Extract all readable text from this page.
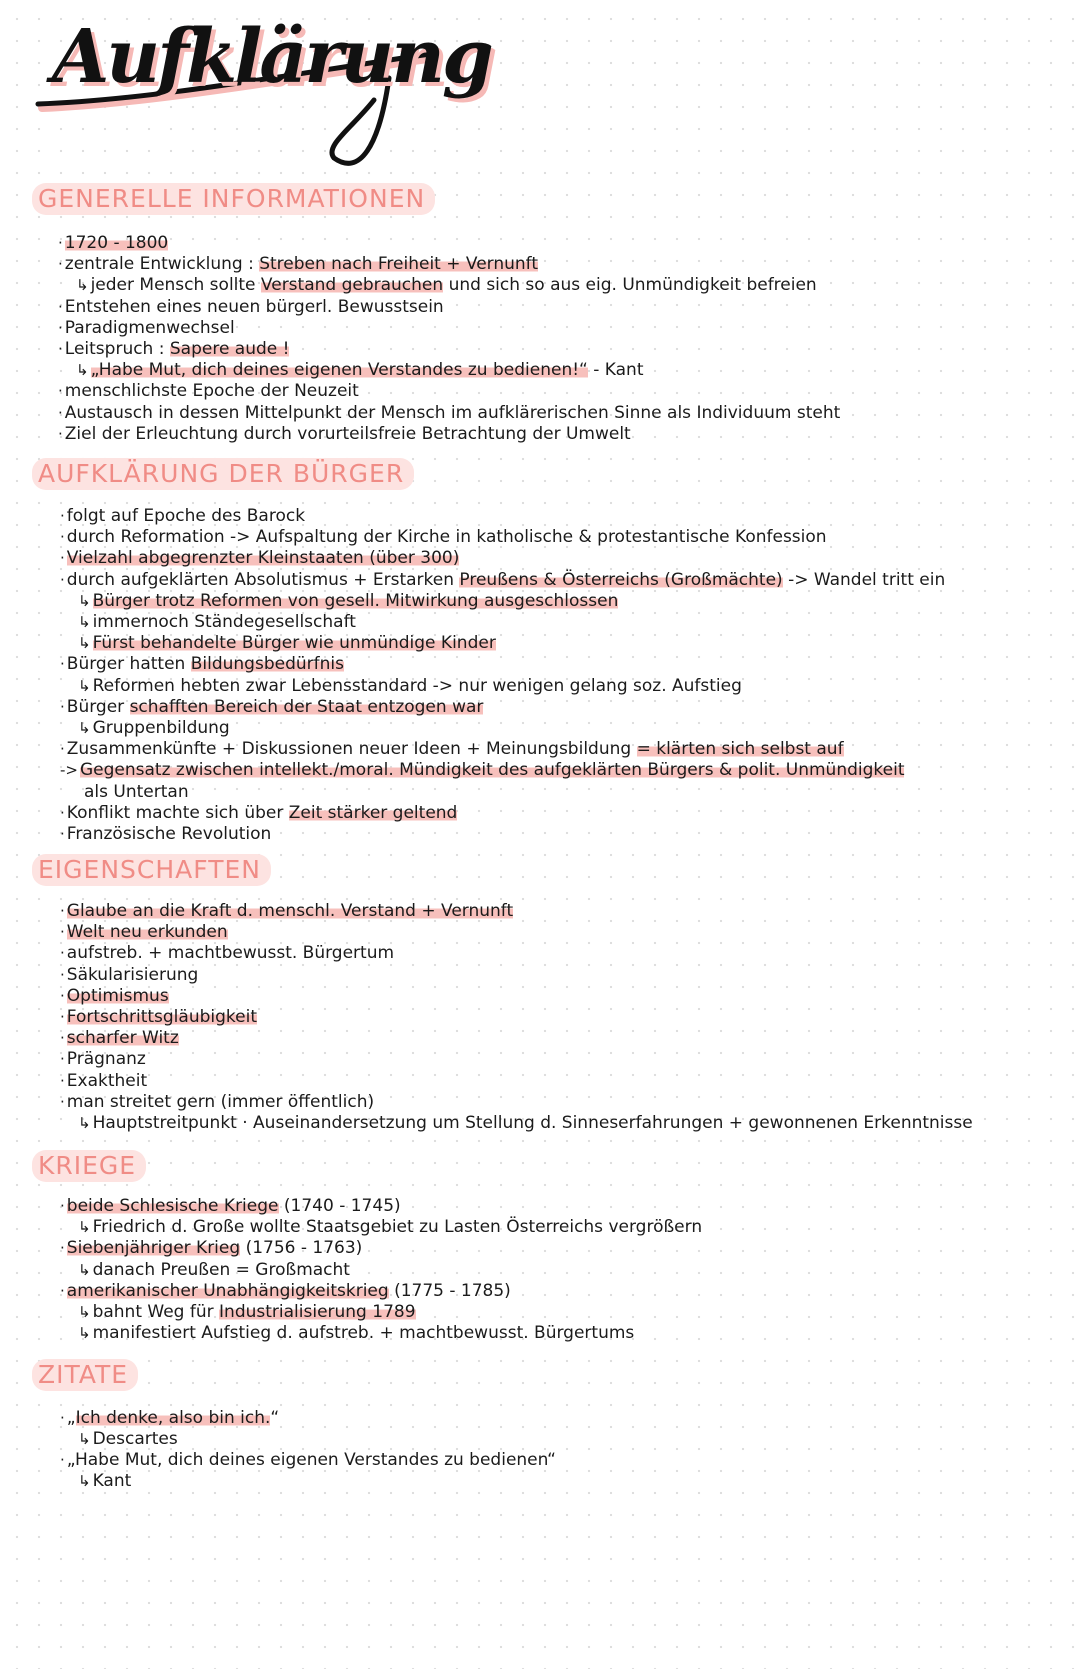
Aufklärung
GENERELLE INFORMATIONEN
· 1720 - 1800
· zentrale Entwicklung : Streben nach Freiheit + Vernunft
↳ jeder Mensch sollte Verstand gebrauchen und sich so aus eig. Unmündigkeit befreien
· Entstehen eines neuen bürgerl. Bewusstsein
· Paradigmenwechsel
· Leitspruch : Sapere aude !
↳ „Habe Mut, dich deines eigenen Verstandes zu bedienen!“ - Kant
· menschlichste Epoche der Neuzeit
· Austausch in dessen Mittelpunkt der Mensch im aufklärerischen Sinne als Individuum steht
· Ziel der Erleuchtung durch vorurteilsfreie Betrachtung der Umwelt
AUFKLÄRUNG DER BÜRGER
· folgt auf Epoche des Barock
· durch Reformation -> Aufspaltung der Kirche in katholische & protestantische Konfession
· Vielzahl abgegrenzter Kleinstaaten (über 300)
· durch aufgeklärten Absolutismus + Erstarken Preußens & Österreichs (Großmächte) -> Wandel tritt ein
↳ Bürger trotz Reformen von gesell. Mitwirkung ausgeschlossen
↳ immernoch Ständegesellschaft
↳ Fürst behandelte Bürger wie unmündige Kinder
· Bürger hatten Bildungsbedürfnis
↳ Reformen hebten zwar Lebensstandard -> nur wenigen gelang soz. Aufstieg
· Bürger schafften Bereich der Staat entzogen war
↳ Gruppenbildung
· Zusammenkünfte + Diskussionen neuer Ideen + Meinungsbildung = klärten sich selbst auf
-> Gegensatz zwischen intellekt./moral. Mündigkeit des aufgeklärten Bürgers & polit. Unmündigkeit
als Untertan
· Konflikt machte sich über Zeit stärker geltend
· Französische Revolution
EIGENSCHAFTEN
· Glaube an die Kraft d. menschl. Verstand + Vernunft
· Welt neu erkunden
· aufstreb. + machtbewusst. Bürgertum
· Säkularisierung
· Optimismus
· Fortschrittsgläubigkeit
· scharfer Witz
· Prägnanz
· Exaktheit
· man streitet gern (immer öffentlich)
↳ Hauptstreitpunkt · Auseinandersetzung um Stellung d. Sinneserfahrungen + gewonnenen Erkenntnisse
KRIEGE
· beide Schlesische Kriege (1740 - 1745)
↳ Friedrich d. Große wollte Staatsgebiet zu Lasten Österreichs vergrößern
· Siebenjähriger Krieg (1756 - 1763)
↳ danach Preußen = Großmacht
· amerikanischer Unabhängigkeitskrieg (1775 - 1785)
↳ bahnt Weg für Industrialisierung 1789
↳ manifestiert Aufstieg d. aufstreb. + machtbewusst. Bürgertums
ZITATE
· „Ich denke, also bin ich.“
↳ Descartes
· „Habe Mut, dich deines eigenen Verstandes zu bedienen“
↳ Kant
